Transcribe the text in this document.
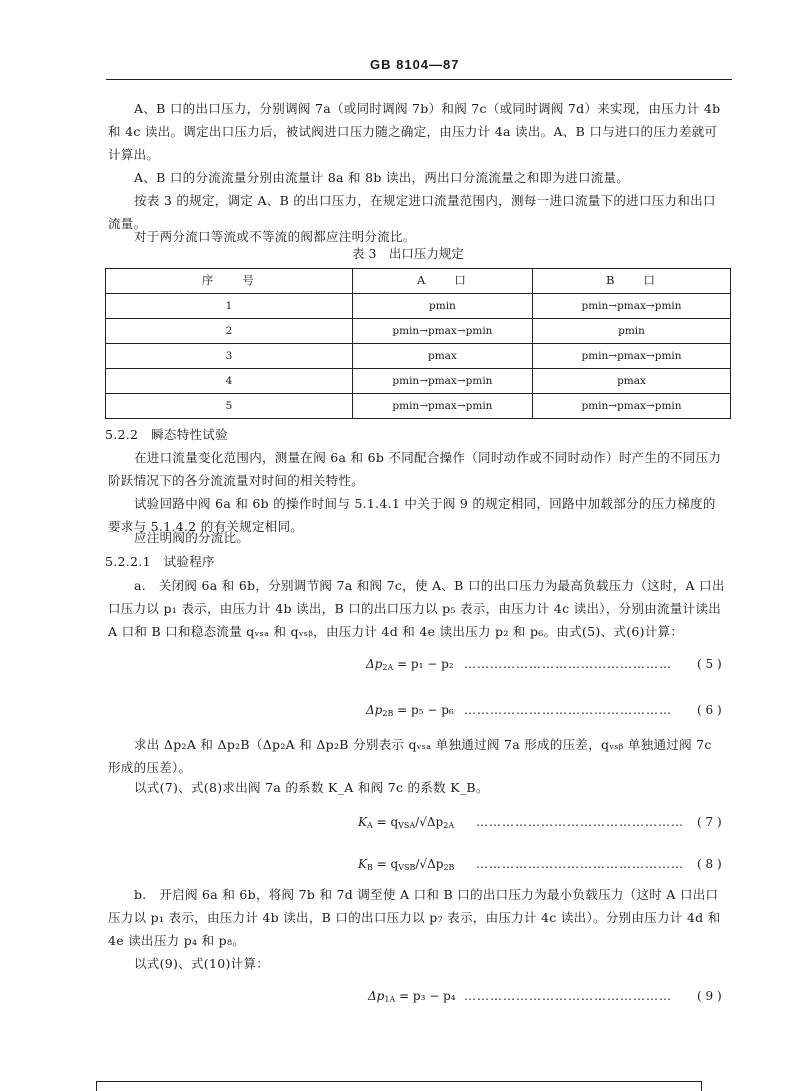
GB 8104—87
A、B 口的出口压力，分别调阀 7a（或同时调阀 7b）和阀 7c（或同时调阀 7d）来实现，由压力计 4b 和 4c 读出。调定出口压力后，被试阀进口压力随之确定，由压力计 4a 读出。A、B 口与进口的压力差就可计算出。
A、B 口的分流流量分别由流量计 8a 和 8b 读出，两出口分流流量之和即为进口流量。
按表 3 的规定，调定 A、B 的出口压力，在规定进口流量范围内，测每一进口流量下的进口压力和出口流量。
对于两分流口等流或不等流的阀都应注明分流比。
表 3　出口压力规定
序　　号	A　　口	B　　口
1	pmin	pmin→pmax→pmin
2	pmin→pmax→pmin	pmin
3	pmax	pmin→pmax→pmin
4	pmin→pmax→pmin	pmax
5	pmin→pmax→pmin	pmin→pmax→pmin
5.2.2　瞬态特性试验
在进口流量变化范围内，测量在阀 6a 和 6b 不同配合操作（同时动作或不同时动作）时产生的不同压力阶跃情况下的各分流流量对时间的相关特性。
试验回路中阀 6a 和 6b 的操作时间与 5.1.4.1 中关于阀 9 的规定相同，回路中加载部分的压力梯度的要求与 5.1.4.2 的有关规定相同。
应注明阀的分流比。
5.2.2.1　试验程序
a.　关闭阀 6a 和 6b，分别调节阀 7a 和阀 7c，使 A、B 口的出口压力为最高负载压力（这时，A 口出口压力以 p₁ 表示，由压力计 4b 读出，B 口的出口压力以 p₅ 表示，由压力计 4c 读出），分别由流量计读出 A 口和 B 口和稳态流量 qᵥₛₐ 和 qᵥₛᵦ，由压力计 4d 和 4e 读出压力 p₂ 和 p₆。由式(5)、式(6)计算：
$\Delta p_{2A} = p_1 - p_2$ …………………………………………	( 5 )
$\Delta p_{2B} = p_5 - p_6$ …………………………………………	( 6 )
求出 Δp₂A 和 Δp₂B（Δp₂A 和 Δp₂B 分别表示 qᵥₛₐ 单独通过阀 7a 形成的压差，qᵥₛᵦ 单独通过阀 7c 形成的压差）。
以式(7)、式(8)求出阀 7a 的系数 K_A 和阀 7c 的系数 K_B。
$K_A = q_{VSA}/√\Delta p_{2A}$ …………………………………………	( 7 )
$K_B = q_{VSB}/√\Delta p_{2B}$ …………………………………………	( 8 )
b.　开启阀 6a 和 6b，将阀 7b 和 7d 调至使 A 口和 B 口的出口压力为最小负载压力（这时 A 口出口压力以 p₁ 表示，由压力计 4b 读出，B 口的出口压力以 p₇ 表示，由压力计 4c 读出）。分别由压力计 4d 和 4e 读出压力 p₄ 和 p₈。
以式(9)、式(10)计算：
$\Delta p_{1A} = p_3 - p_4$ …………………………………………	( 9 )
